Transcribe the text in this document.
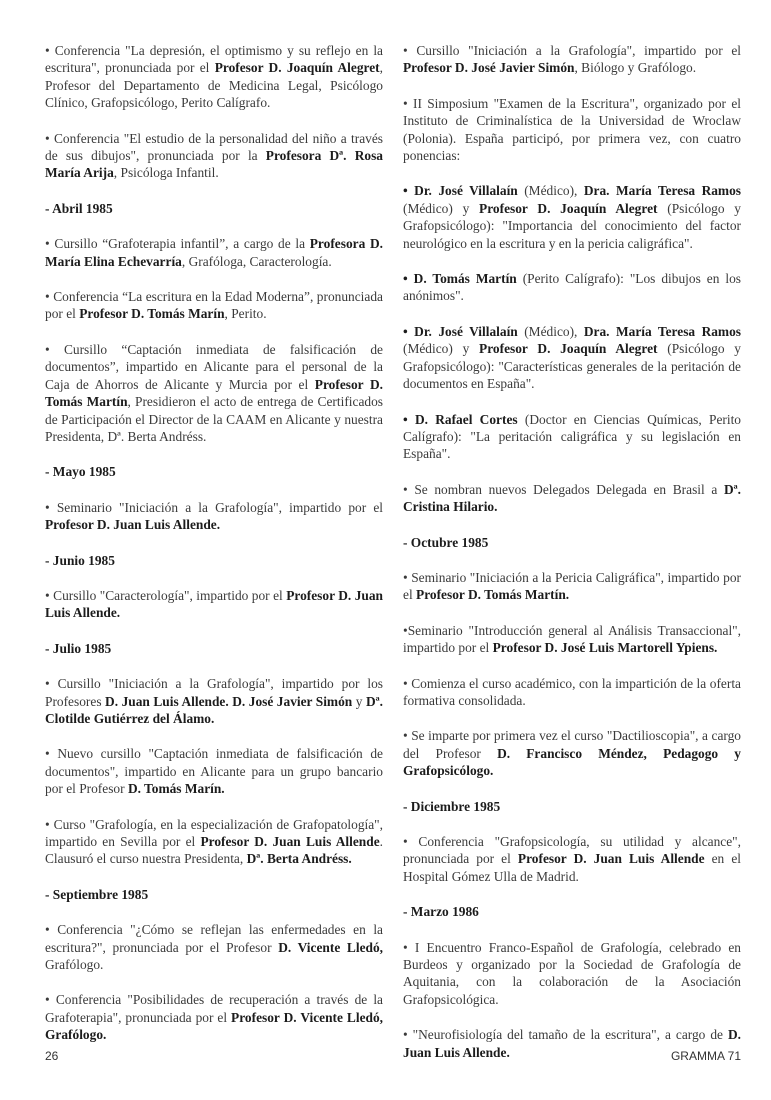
• Conferencia "La depresión, el optimismo y su reflejo en la escritura", pronunciada por el Profesor D. Joaquín Alegret, Profesor del Departamento de Medicina Legal, Psicólogo Clínico, Grafopsicólogo, Perito Calígrafo.

• Conferencia "El estudio de la personalidad del niño a través de sus dibujos", pronunciada por la Profesora Dª. Rosa María Arija, Psicóloga Infantil.

- Abril 1985

• Cursillo “Grafoterapia infantil”, a cargo de la Profesora D. María Elina Echevarría, Grafóloga, Caracterología.

• Conferencia “La escritura en la Edad Moderna”, pronunciada por el Profesor D. Tomás Marín, Perito.

• Cursillo “Captación inmediata de falsificación de documentos”, impartido en Alicante para el personal de la Caja de Ahorros de Alicante y Murcia por el Profesor D. Tomás Martín, Presidieron el acto de entrega de Certificados de Participación el Director de la CAAM en Alicante y nuestra Presidenta, Dª. Berta Andréss.

- Mayo 1985

• Seminario "Iniciación a la Grafología", impartido por el Profesor D. Juan Luis Allende.

- Junio 1985

• Cursillo "Caracterología", impartido por el Profesor D. Juan Luis Allende.

- Julio 1985

• Cursillo "Iniciación a la Grafología", impartido por los Profesores D. Juan Luis Allende. D. José Javier Simón y Dª. Clotilde Gutiérrez del Álamo.

• Nuevo cursillo "Captación inmediata de falsificación de documentos", impartido en Alicante para un grupo bancario por el Profesor D. Tomás Marín.

• Curso "Grafología, en la especialización de Grafopatología", impartido en Sevilla por el Profesor D. Juan Luis Allende. Clausuró el curso nuestra Presidenta, Dª. Berta Andréss.

- Septiembre 1985

• Conferencia "¿Cómo se reflejan las enfermedades en la escritura?", pronunciada por el Profesor D. Vicente Lledó, Grafólogo.

• Conferencia "Posibilidades de recuperación a través de la Grafoterapia", pronunciada por el Profesor D. Vicente Lledó, Grafólogo.

• Cursillo "Iniciación a la Grafología", impartido por el Profesor D. José Javier Simón, Biólogo y Grafólogo.

• II Simposium "Examen de la Escritura", organizado por el Instituto de Criminalística de la Universidad de Wroclaw (Polonia). España participó, por primera vez, con cuatro ponencias:

• Dr. José Villalaín (Médico), Dra. María Teresa Ramos (Médico) y Profesor D. Joaquín Alegret (Psicólogo y Grafopsicólogo): "Importancia del conocimiento del factor neurológico en la escritura y en la pericia caligráfica".

• D. Tomás Martín (Perito Calígrafo): "Los dibujos en los anónimos".

• Dr. José Villalaín (Médico), Dra. María Teresa Ramos (Médico) y Profesor D. Joaquín Alegret (Psicólogo y Grafopsicólogo): "Características generales de la peritación de documentos en España".

• D. Rafael Cortes (Doctor en Ciencias Químicas, Perito Calígrafo): "La peritación caligráfica y su legislación en España".

• Se nombran nuevos Delegados Delegada en Brasil a Dª. Cristina Hilario.

- Octubre 1985

• Seminario "Iniciación a la Pericia Caligráfica", impartido por el Profesor D. Tomás Martín.

•Seminario "Introducción general al Análisis Transaccional", impartido por el Profesor D. José Luis Martorell Ypiens.

• Comienza el curso académico, con la impartición de la oferta formativa consolidada.

• Se imparte por primera vez el curso "Dactilioscopia", a cargo del Profesor D. Francisco Méndez, Pedagogo y Grafopsicólogo.

- Diciembre 1985

• Conferencia "Grafopsicología, su utilidad y alcance", pronunciada por el Profesor D. Juan Luis Allende en el Hospital Gómez Ulla de Madrid.

- Marzo 1986

• I Encuentro Franco-Español de Grafología, celebrado en Burdeos y organizado por la Sociedad de Grafología de Aquitania, con la colaboración de la Asociación Grafopsicológica.

• "Neurofisiología del tamaño de la escritura", a cargo de D. Juan Luis Allende.

26	GRAMMA 71
